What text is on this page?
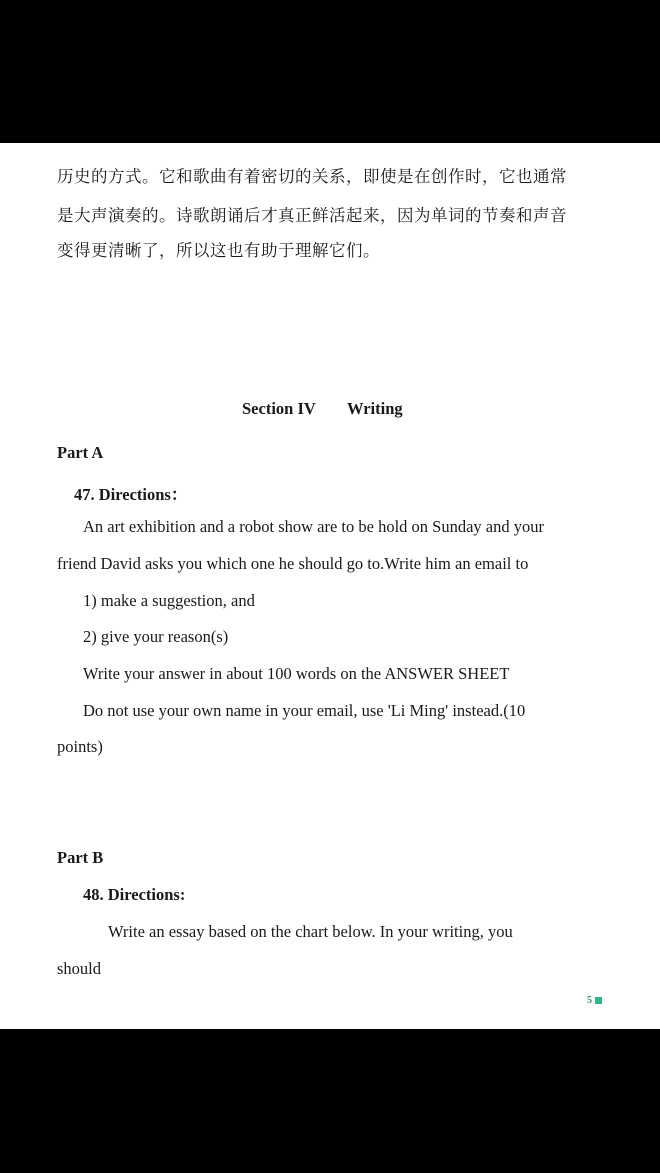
历史的方式。它和歌曲有着密切的关系，即使是在创作时，它也通常
是大声演奏的。诗歌朗诵后才真正鲜活起来，因为单词的节奏和声音
变得更清晰了，所以这也有助于理解它们。
Section IV Writing
Part A
47. Directions：
An art exhibition and a robot show are to be hold on Sunday and your
friend David asks you which one he should go to.Write him an email to
1) make a suggestion, and
2) give your reason(s)
Write your answer in about 100 words on the ANSWER SHEET
Do not use your own name in your email, use 'Li Ming' instead.(10
points)
Part B
48. Directions:
Write an essay based on the chart below. In your writing, you
should
5
